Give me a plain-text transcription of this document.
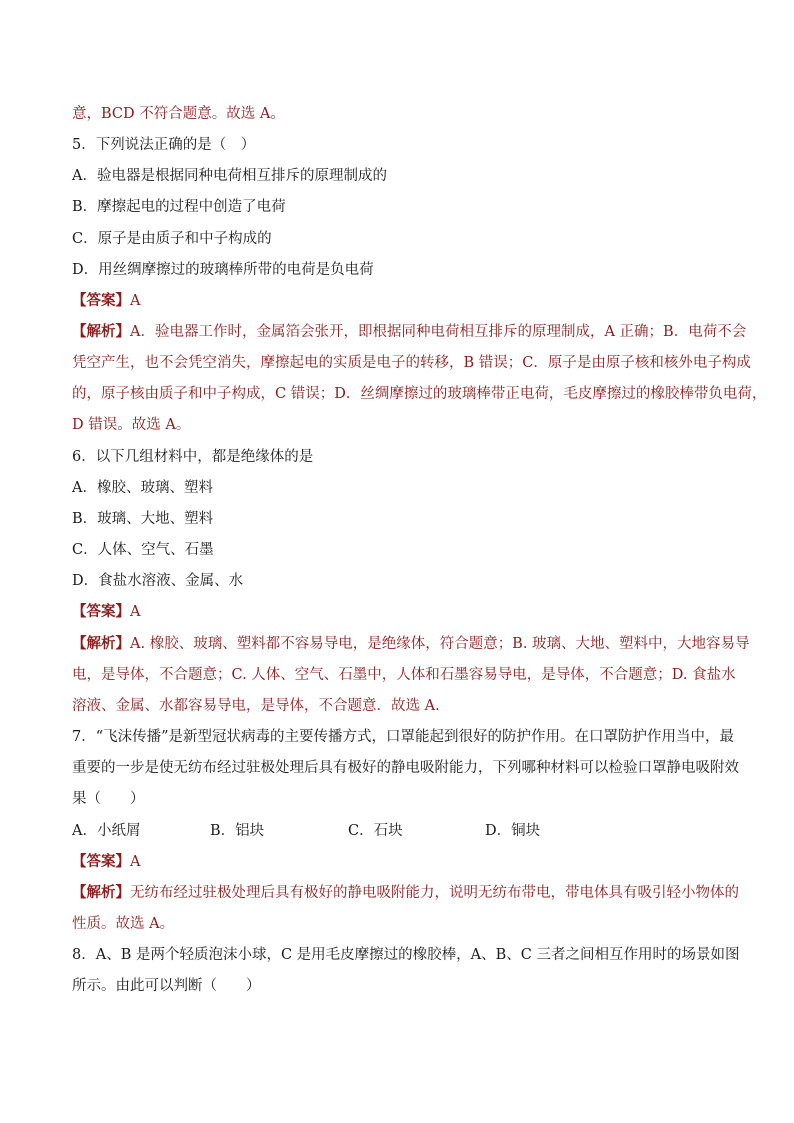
意，BCD 不符合题意。故选 A。
5．下列说法正确的是（　）
A．验电器是根据同种电荷相互排斥的原理制成的
B．摩擦起电的过程中创造了电荷
C．原子是由质子和中子构成的
D．用丝绸摩擦过的玻璃棒所带的电荷是负电荷
【答案】A
【解析】A．验电器工作时，金属箔会张开，即根据同种电荷相互排斥的原理制成，A 正确；B．电荷不会
凭空产生，也不会凭空消失，摩擦起电的实质是电子的转移，B 错误；C．原子是由原子核和核外电子构成
的，原子核由质子和中子构成，C 错误；D．丝绸摩擦过的玻璃棒带正电荷，毛皮摩擦过的橡胶棒带负电荷，
D 错误。故选 A。
6．以下几组材料中，都是绝缘体的是
A．橡胶、玻璃、塑料
B．玻璃、大地、塑料
C．人体、空气、石墨
D．食盐水溶液、金属、水
【答案】A
【解析】A. 橡胶、玻璃、塑料都不容易导电，是绝缘体，符合题意；B. 玻璃、大地、塑料中，大地容易导
电，是导体，不合题意；C. 人体、空气、石墨中，人体和石墨容易导电，是导体，不合题意；D. 食盐水
溶液、金属、水都容易导电，是导体，不合题意．故选 A.
7．“飞沫传播”是新型冠状病毒的主要传播方式，口罩能起到很好的防护作用。在口罩防护作用当中，最
重要的一步是使无纺布经过驻极处理后具有极好的静电吸附能力，下列哪种材料可以检验口罩静电吸附效
果（　　）
A．小纸屑	B．铝块	C．石块	D．铜块
【答案】A
【解析】无纺布经过驻极处理后具有极好的静电吸附能力，说明无纺布带电，带电体具有吸引轻小物体的
性质。故选 A。
8．A、B 是两个轻质泡沫小球，C 是用毛皮摩擦过的橡胶棒，A、B、C 三者之间相互作用时的场景如图
所示。由此可以判断（　　）
